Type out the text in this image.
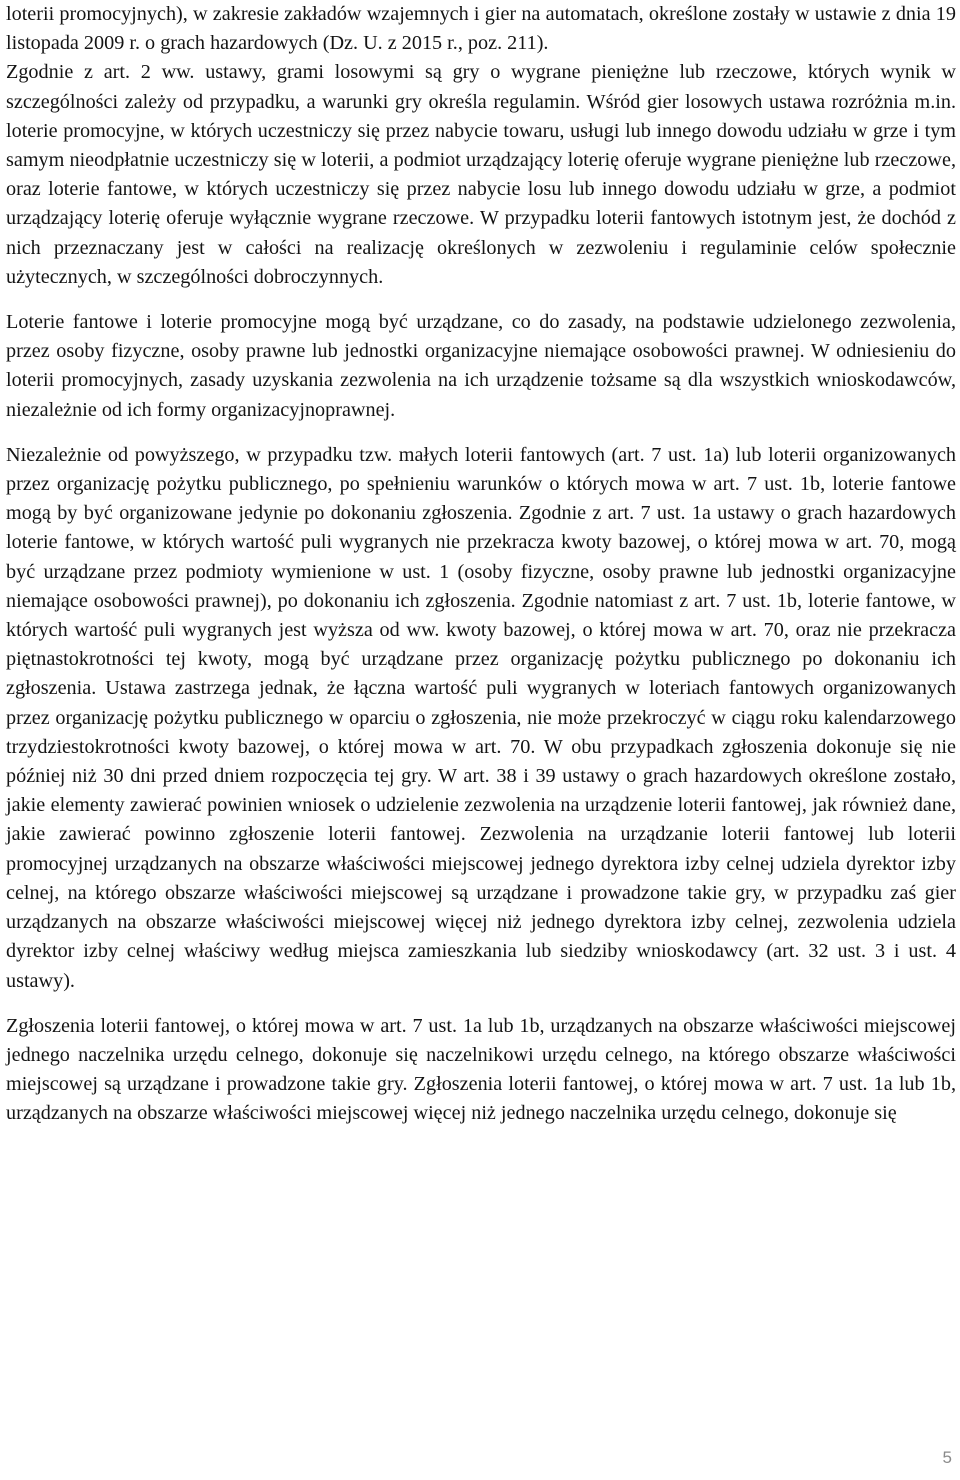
loterii promocyjnych), w zakresie zakładów wzajemnych i gier na automatach, określone zostały w ustawie z dnia 19 listopada 2009 r. o grach hazardowych (Dz. U. z 2015 r., poz. 211).

Zgodnie z art. 2 ww. ustawy, grami losowymi są gry o wygrane pieniężne lub rzeczowe, których wynik w szczególności zależy od przypadku, a warunki gry określa regulamin. Wśród gier losowych ustawa rozróżnia m.in. loterie promocyjne, w których uczestniczy się przez nabycie towaru, usługi lub innego dowodu udziału w grze i tym samym nieodpłatnie uczestniczy się w loterii, a podmiot urządzający loterię oferuje wygrane pieniężne lub rzeczowe, oraz loterie fantowe, w których uczestniczy się przez nabycie losu lub innego dowodu udziału w grze, a podmiot urządzający loterię oferuje wyłącznie wygrane rzeczowe. W przypadku loterii fantowych istotnym jest, że dochód z nich przeznaczany jest w całości na realizację określonych w zezwoleniu i regulaminie celów społecznie użytecznych, w szczególności dobroczynnych.

Loterie fantowe i loterie promocyjne mogą być urządzane, co do zasady, na podstawie udzielonego zezwolenia, przez osoby fizyczne, osoby prawne lub jednostki organizacyjne niemające osobowości prawnej. W odniesieniu do loterii promocyjnych, zasady uzyskania zezwolenia na ich urządzenie tożsame są dla wszystkich wnioskodawców, niezależnie od ich formy organizacyjnoprawnej.

Niezależnie od powyższego, w przypadku tzw. małych loterii fantowych (art. 7 ust. 1a) lub loterii organizowanych przez organizację pożytku publicznego, po spełnieniu warunków o których mowa w art. 7 ust. 1b, loterie fantowe mogą by być organizowane jedynie po dokonaniu zgłoszenia. Zgodnie z art. 7 ust. 1a ustawy o grach hazardowych loterie fantowe, w których wartość puli wygranych nie przekracza kwoty bazowej, o której mowa w art. 70, mogą być urządzane przez podmioty wymienione w ust. 1 (osoby fizyczne, osoby prawne lub jednostki organizacyjne niemające osobowości prawnej), po dokonaniu ich zgłoszenia. Zgodnie natomiast z art. 7 ust. 1b, loterie fantowe, w których wartość puli wygranych jest wyższa od ww. kwoty bazowej, o której mowa w art. 70, oraz nie przekracza piętnastokrotności tej kwoty, mogą być urządzane przez organizację pożytku publicznego po dokonaniu ich zgłoszenia. Ustawa zastrzega jednak, że łączna wartość puli wygranych w loteriach fantowych organizowanych przez organizację pożytku publicznego w oparciu o zgłoszenia, nie może przekroczyć w ciągu roku kalendarzowego trzydziestokrotności kwoty bazowej, o której mowa w art. 70. W obu przypadkach zgłoszenia dokonuje się nie później niż 30 dni przed dniem rozpoczęcia tej gry. W art. 38 i 39 ustawy o grach hazardowych określone zostało, jakie elementy zawierać powinien wniosek o udzielenie zezwolenia na urządzenie loterii fantowej, jak również dane, jakie zawierać powinno zgłoszenie loterii fantowej. Zezwolenia na urządzanie loterii fantowej lub loterii promocyjnej urządzanych na obszarze właściwości miejscowej jednego dyrektora izby celnej udziela dyrektor izby celnej, na którego obszarze właściwości miejscowej są urządzane i prowadzone takie gry, w przypadku zaś gier urządzanych na obszarze właściwości miejscowej więcej niż jednego dyrektora izby celnej, zezwolenia udziela dyrektor izby celnej właściwy według miejsca zamieszkania lub siedziby wnioskodawcy (art. 32 ust. 3 i ust. 4 ustawy).

Zgłoszenia loterii fantowej, o której mowa w art. 7 ust. 1a lub 1b, urządzanych na obszarze właściwości miejscowej jednego naczelnika urzędu celnego, dokonuje się naczelnikowi urzędu celnego, na którego obszarze właściwości miejscowej są urządzane i prowadzone takie gry. Zgłoszenia loterii fantowej, o której mowa w art. 7 ust. 1a lub 1b, urządzanych na obszarze właściwości miejscowej więcej niż jednego naczelnika urzędu celnego, dokonuje się

5
